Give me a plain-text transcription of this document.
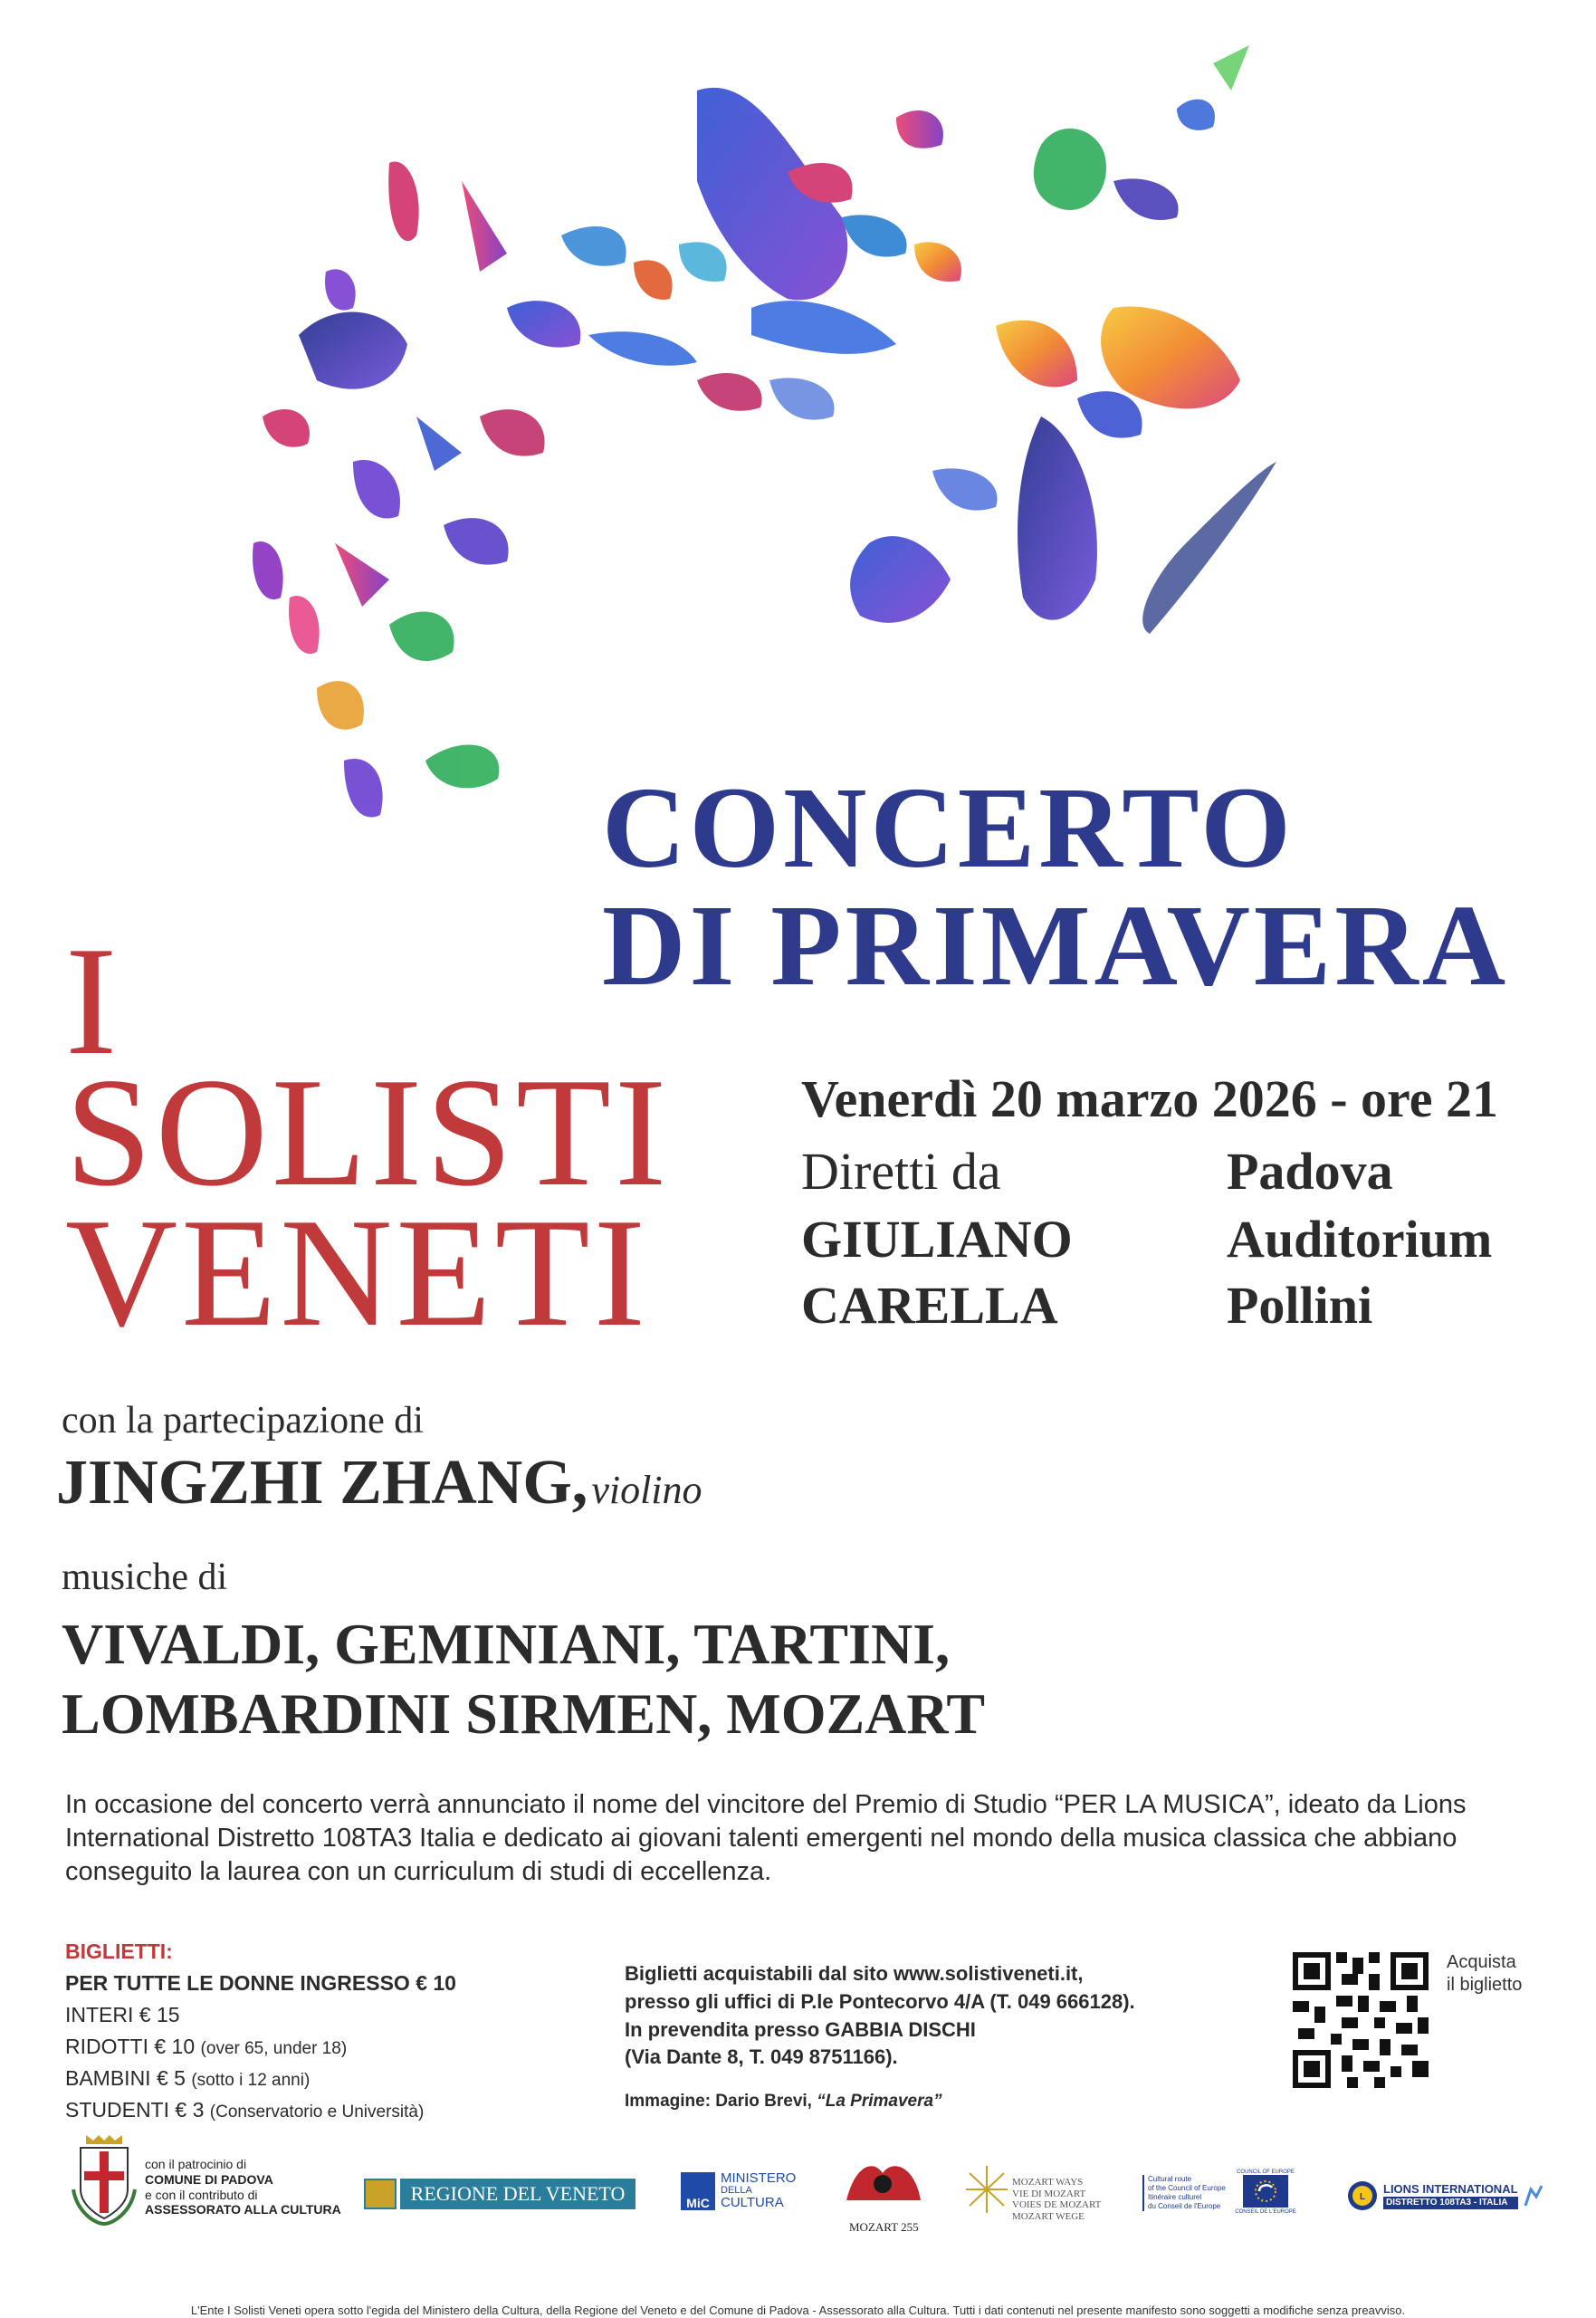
CONCERTO
DI PRIMAVERA
I
SOLISTI
VENETI
Venerdì 20 marzo 2026 - ore 21
Diretti da
GIULIANO
CARELLA
Padova
Auditorium
Pollini
con la partecipazione di
JINGZHI ZHANG, violino
musiche di
VIVALDI, GEMINIANI, TARTINI,
LOMBARDINI SIRMEN, MOZART
In occasione del concerto verrà annunciato il nome del vincitore del Premio di Studio “PER LA MUSICA”, ideato da Lions International Distretto 108TA3 Italia e dedicato ai giovani talenti emergenti nel mondo della musica classica che abbiano conseguito la laurea con un curriculum di studi di eccellenza.
BIGLIETTI:
PER TUTTE LE DONNE INGRESSO € 10
INTERI € 15
RIDOTTI € 10 (over 65, under 18)
BAMBINI € 5 (sotto i 12 anni)
STUDENTI € 3 (Conservatorio e Università)
Biglietti acquistabili dal sito www.solistiveneti.it,
presso gli uffici di P.le Pontecorvo 4/A (T. 049 666128).
In prevendita presso GABBIA DISCHI
(Via Dante 8, T. 049 8751166).
Immagine: Dario Brevi, “La Primavera”
Acquista
il biglietto
con il patrocinio di
COMUNE DI PADOVA
e con il contributo di
ASSESSORATO ALLA CULTURA
REGIONE DEL VENETO	MiC
MINISTERO
DELLA
CULTURA
MOZART 255
MOZART WAYS
VIE DI MOZART
VOIES DE MOZART
MOZART WEGE
Cultural route
of the Council of Europe
Itinéraire culturel
du Conseil de l'Europe
COUNCIL OF EUROPE
CONSEIL DE L'EUROPE
L
LIONS INTERNATIONAL
DISTRETTO 108TA3 - ITALIA
L'Ente I Solisti Veneti opera sotto l'egida del Ministero della Cultura, della Regione del Veneto e del Comune di Padova - Assessorato alla Cultura. Tutti i dati contenuti nel presente manifesto sono soggetti a modifiche senza preavviso.
